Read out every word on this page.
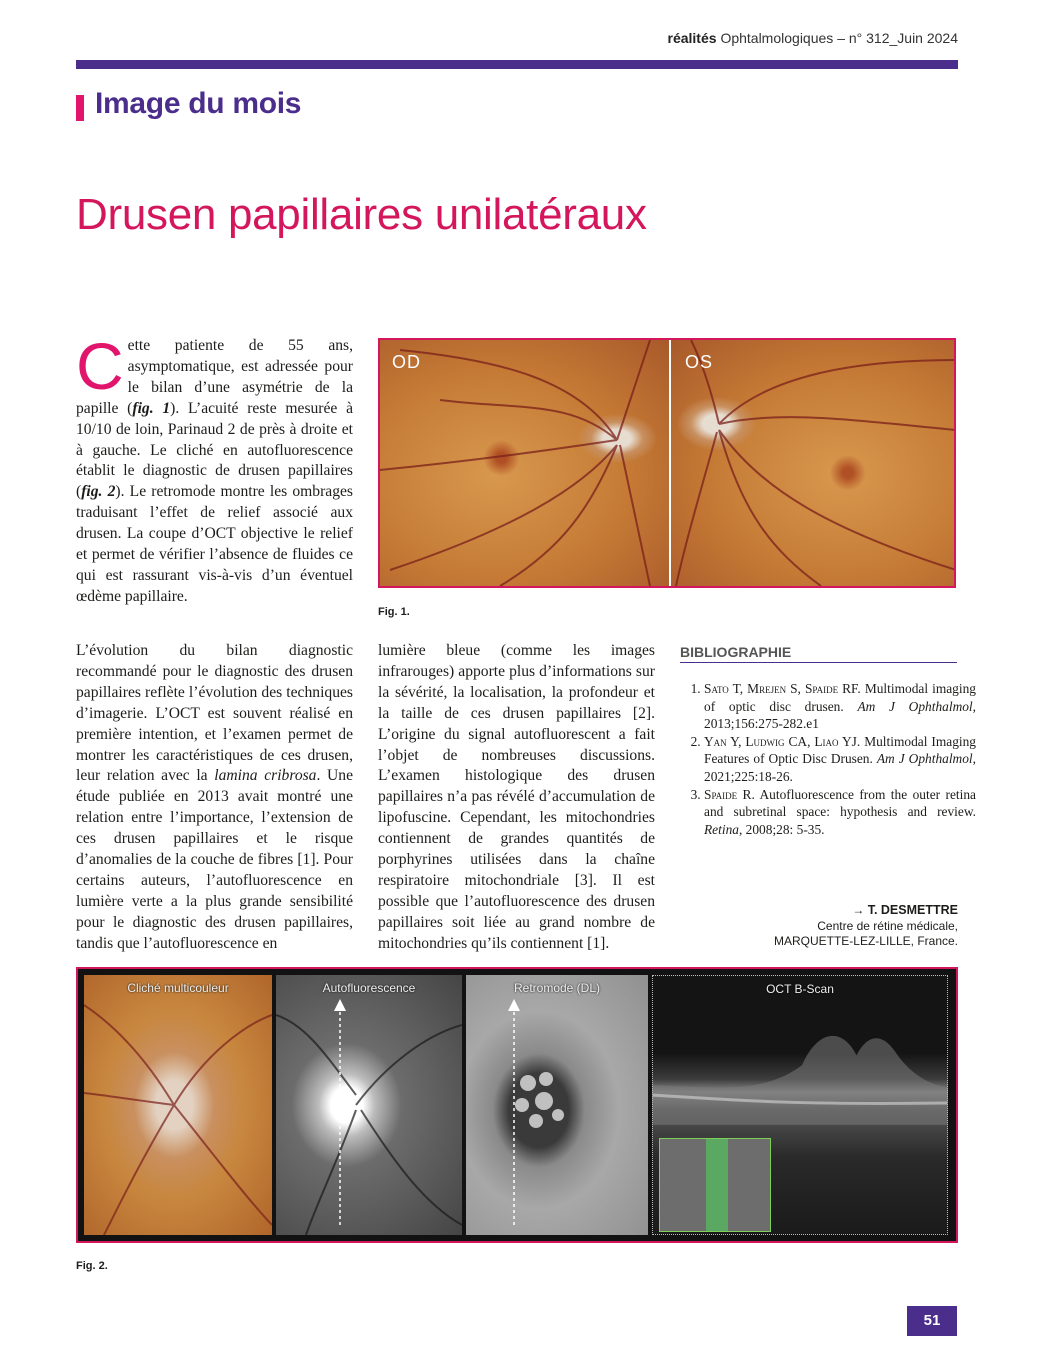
réalités Ophtalmologiques – n° 312_Juin 2024
Image du mois
Drusen papillaires unilatéraux

Cette patiente de 55 ans, asymptomatique, est adressée pour le bilan d’une asymétrie de la papille (fig. 1). L’acuité reste mesurée à 10/10 de loin, Parinaud 2 de près à droite et à gauche. Le cliché en autofluorescence établit le diagnostic de drusen papillaires (fig. 2). Le retromode montre les ombrages traduisant l’effet de relief associé aux drusen. La coupe d’OCT objective le relief et permet de vérifier l’absence de fluides ce qui est rassurant vis-à-vis d’un éventuel œdème papillaire.

OD	OS
Fig. 1.

L’évolution du bilan diagnostic recommandé pour le diagnostic des drusen papillaires reflète l’évolution des techniques d’imagerie. L’OCT est souvent réalisé en première intention, et l’examen permet de montrer les caractéristiques de ces drusen, leur relation avec la lamina cribrosa. Une étude publiée en 2013 avait montré une relation entre l’importance, l’extension de ces drusen papillaires et le risque d’anomalies de la couche de fibres [1]. Pour certains auteurs, l’autofluorescence en lumière verte a la plus grande sensibilité pour le diagnostic des drusen papillaires, tandis que l’autofluorescence en

lumière bleue (comme les images infrarouges) apporte plus d’informations sur la sévérité, la localisation, la profondeur et la taille de ces drusen papillaires [2]. L’origine du signal autofluorescent a fait l’objet de nombreuses discussions. L’examen histologique des drusen papillaires n’a pas révélé d’accumulation de lipofuscine. Cependant, les mitochondries contiennent de grandes quantités de porphyrines utilisées dans la chaîne respiratoire mitochondriale [3]. Il est possible que l’autofluorescence des drusen papillaires soit liée au grand nombre de mitochondries qu’ils contiennent [1].

BIBLIOGRAPHIE
1. Sato T, Mrejen S, Spaide RF. Multimodal imaging of optic disc drusen. Am J Ophthalmol, 2013;156:275-282.e1
2. Yan Y, Ludwig CA, Liao YJ. Multimodal Imaging Features of Optic Disc Drusen. Am J Ophthalmol, 2021;225:18-26.
3. Spaide R. Autofluorescence from the outer retina and subretinal space: hypothesis and review. Retina, 2008;28: 5-35.
→ T. DESMETTRE
Centre de rétine médicale,
MARQUETTE-LEZ-LILLE, France.
Cliché multicouleur	Autofluorescence	Retromode (DL)	OCT B-Scan
Fig. 2.
51
